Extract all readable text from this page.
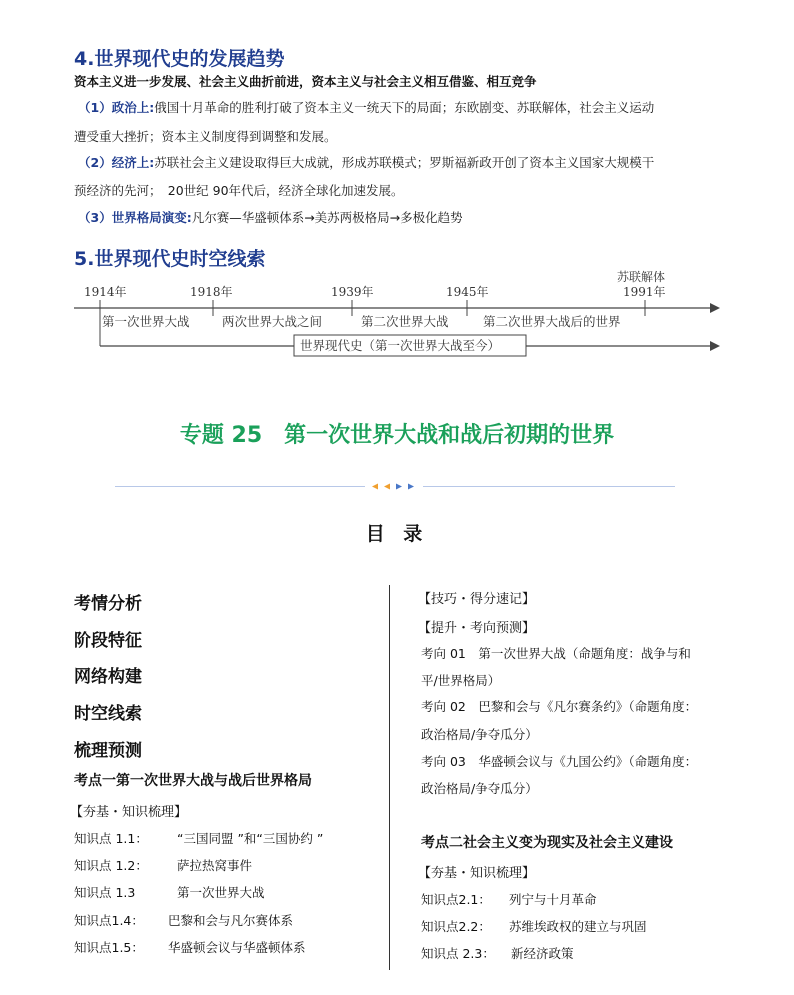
4.世界现代史的发展趋势
资本主义进一步发展、社会主义曲折前进，资本主义与社会主义相互借鉴、相互竞争
（1）政治上:俄国十月革命的胜利打破了资本主义一统天下的局面；东欧剧变、苏联解体，社会主义运动
遭受重大挫折；资本主义制度得到调整和发展。
（2）经济上:苏联社会主义建设取得巨大成就，形成苏联模式；罗斯福新政开创了资本主义国家大规模干
预经济的先河；　20世纪 90年代后，经济全球化加速发展。
（3）世界格局演变:凡尔赛—华盛顿体系→美苏两极格局→多极化趋势
5.世界现代史时空线索
1914年	1918年	1939年	1945年	1991年
苏联解体
第一次世界大战	两次世界大战之间	第二次世界大战	第二次世界大战后的世界
世界现代史（第一次世界大战至今）
专题 25　第一次世界大战和战后初期的世界
目 录
考情分析
阶段特征
网络构建
时空线索
梳理预测
考点一第一次世界大战与战后世界格局
【夯基・知识梳理】
知识点 1.1： “三国同盟 ”和“三国协约 ”
知识点 1.2： 萨拉热窝事件
知识点 1.3	第一次世界大战
知识点1.4： 巴黎和会与凡尔赛体系
知识点1.5： 华盛顿会议与华盛顿体系
【技巧・得分速记】
【提升・考向预测】
考向 01　第一次世界大战（命题角度：战争与和
平/世界格局）
考向 02　巴黎和会与《凡尔赛条约》（命题角度：
政治格局/争夺瓜分）
考向 03　华盛顿会议与《九国公约》（命题角度：
政治格局/争夺瓜分）
考点二社会主义变为现实及社会主义建设
【夯基・知识梳理】
知识点2.1： 列宁与十月革命
知识点2.2： 苏维埃政权的建立与巩固
知识点 2.3： 新经济政策
